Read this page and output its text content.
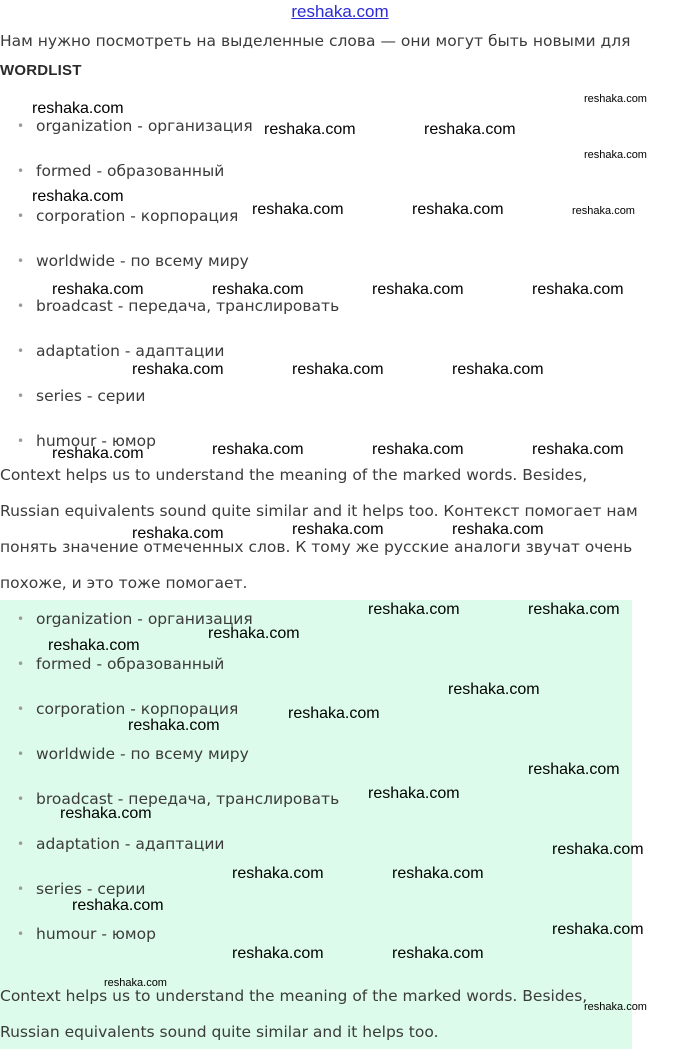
reshaka.com

Нам нужно посмотреть на выделенные слова — они могут быть новыми для

WORDLIST

• organization - организация
• formed - образованный
• corporation - корпорация
• worldwide - по всему миру
• broadcast - передача, транслировать
• adaptation - адаптации
• series - серии
• humour - юмор
Context helps us to understand the meaning of the marked words. Besides,
Russian equivalents sound quite similar and it helps too. Контекст помогает нам
понять значение отмеченных слов. К тому же русские аналоги звучат очень
похоже, и это тоже помогает.
• organization - организация
• formed - образованный
• corporation - корпорация
• worldwide - по всему миру
• broadcast - передача, транслировать
• adaptation - адаптации
• series - серии
• humour - юмор
Context helps us to understand the meaning of the marked words. Besides,
Russian equivalents sound quite similar and it helps too.
reshaka.com
reshaka.com
reshaka.com	reshaka.com
reshaka.com
reshaka.com
reshaka.com	reshaka.com	reshaka.com
reshaka.com	reshaka.com	reshaka.com	reshaka.com
reshaka.com	reshaka.com	reshaka.com
reshaka.com	reshaka.com	reshaka.com
reshaka.com
reshaka.com	reshaka.com	reshaka.com
reshaka.com	reshaka.com
reshaka.com
reshaka.com
reshaka.com
reshaka.com
reshaka.com
reshaka.com
reshaka.com
reshaka.com
reshaka.com
reshaka.com	reshaka.com
reshaka.com
reshaka.com
reshaka.com	reshaka.com
reshaka.com
reshaka.com
